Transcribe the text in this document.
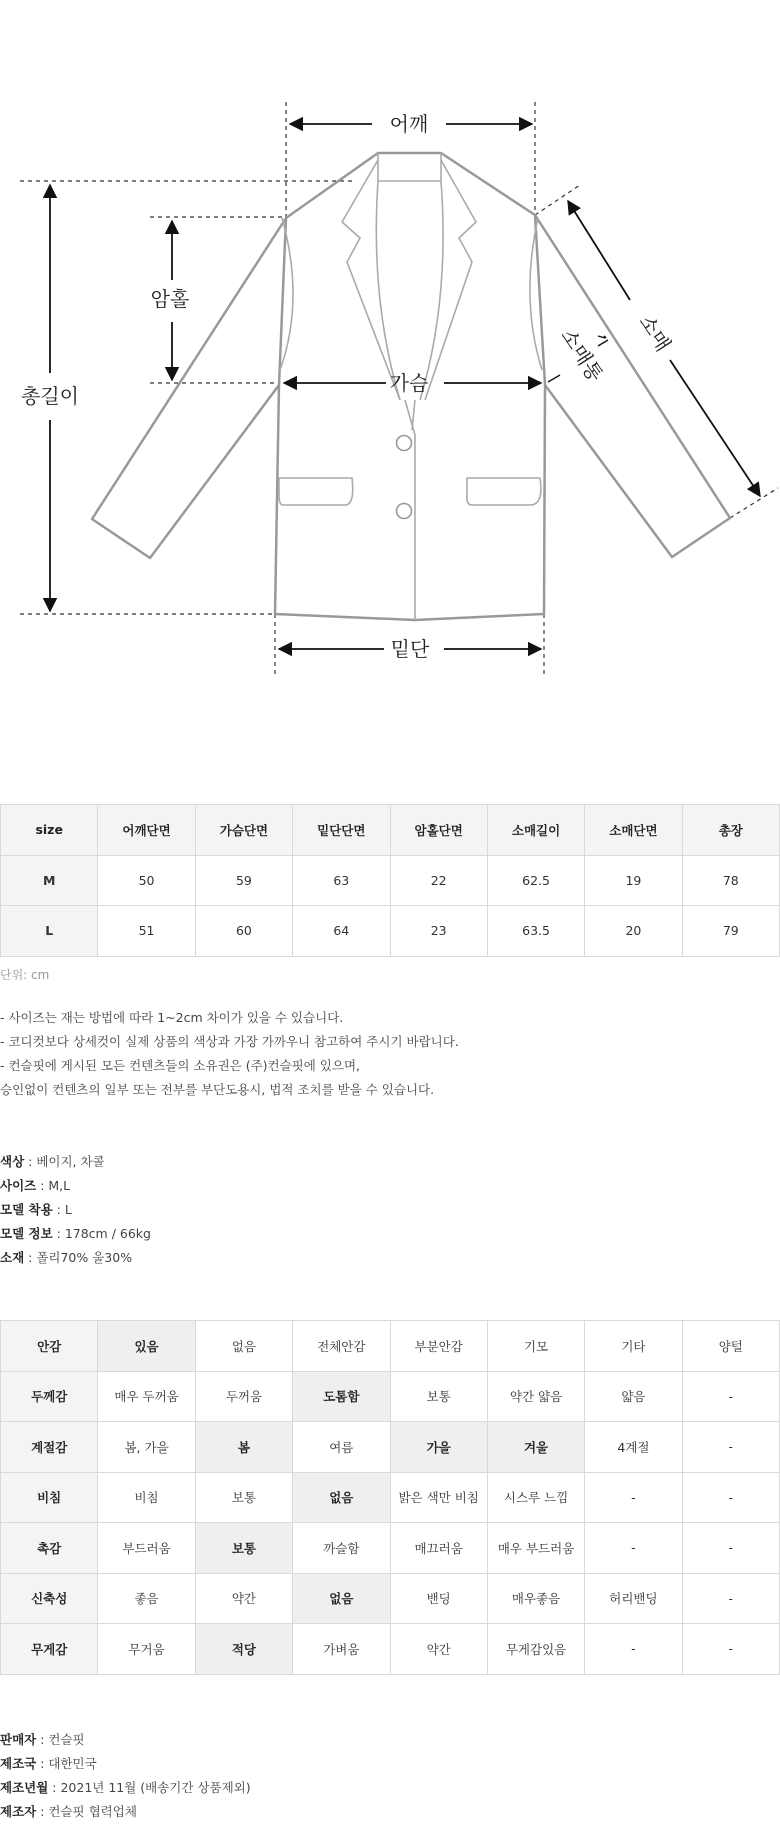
어깨
암홀
총길이
가슴
밑단
소매
소매통
size	어깨단면	가슴단면	밑단단면	암홀단면	소매길이	소매단면	총장
M	50	59	63	22	62.5	19	78
L	51	60	64	23	63.5	20	79
단위: cm

- 사이즈는 재는 방법에 따라 1~2cm 차이가 있을 수 있습니다.

- 코디컷보다 상세컷이 실제 상품의 색상과 가장 가까우니 참고하여 주시기 바랍니다.

- 컨슬핏에 게시된 모든 컨텐츠들의 소유권은 (주)컨슬핏에 있으며,

승인없이 컨텐츠의 일부 또는 전부를 부단도용시, 법적 조치를 받을 수 있습니다.

색상 : 베이지, 차콜

사이즈 : M,L

모델 착용 : L

모델 정보 : 178cm / 66kg

소재 : 폴리70% 울30%

안감	있음	없음	전체안감	부분안감	기모	기타	양털
두께감	매우 두꺼움	두꺼움	도톰함	보통	약간 얇음	얇음	-
계절감	봄, 가을	봄	여름	가을	겨울	4계절	-
비침	비침	보통	없음	밝은 색만 비침	시스루 느낌	-	-
촉감	부드러움	보통	까슬함	매끄러움	매우 부드러움	-	-
신축성	좋음	약간	없음	밴딩	매우좋음	허리밴딩	-
무게감	무거움	적당	가벼움	약간	무게감있음	-	-

판매자 : 컨슬핏

제조국 : 대한민국

제조년월 : 2021년 11월 (배송기간 상품제외)

제조자 : 컨슬핏 협력업체
